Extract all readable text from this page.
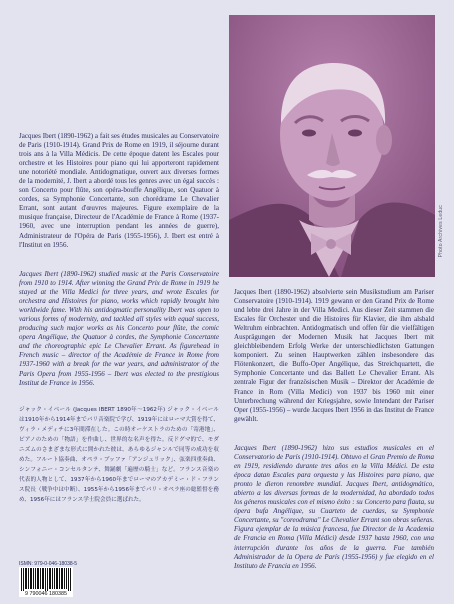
Jacques Ibert (1890-1962) a fait ses études musicales au Conservatoire de Paris (1910-1914). Grand Prix de Rome en 1919, il séjourne durant trois ans à la Villa Médicis. De cette époque datent les Escales pour orchestre et les Histoires pour piano qui lui apporteront rapidement une notoriété mondiale. Antidogmatique, ouvert aux diverses formes de la modernité, J. Ibert a abordé tous les genres avec un égal succès : son Concerto pour flûte, son opéra-bouffe Angélique, son Quatuor à cordes, sa Symphonie Concertante, son chorédrame Le Chevalier Errant, sont autant d'œuvres majeures. Figure exemplaire de la musique française, Directeur de l'Académie de France à Rome (1937-1960, avec une interruption pendant les années de guerre), Administrateur de l'Opéra de Paris (1955-1956), J. Ibert est entré à l'Institut en 1956.

Jacques Ibert (1890-1962) studied music at the Paris Conservatoire from 1910 to 1914. After winning the Grand Prix de Rome in 1919 he stayed at the Villa Medici for three years, and wrote Escales for orchestra and Histoires for piano, works which rapidly brought him worldwide fame. With his antidogmatic personality Ibert was open to various forms of modernity, and tackled all styles with equal success, producing such major works as his Concerto pour flûte, the comic opera Angélique, the Quatuor à cordes, the Symphonie Concertante and the choreographic epic Le Chevalier Errant. As figurehead in French music – director of the Académie de France in Rome from 1937-1960 with a break for the war years, and administrator of the Paris Opera from 1955-1956 – Ibert was elected to the prestigious Institut de France in 1956.

ジャック・イベール (Jacques IBERT 1890年～1962年) ジャック・イベールは1910年から1914年までパリ音楽院で学び、1919年にはローマ大賞を得て、ヴィラ・メディチに3年間滞在した。この時オーケストラのための「寄港地」、ピアノのための「物語」を作曲し、世界的な名声を得た。反ドグマ的で、モダニズムのさまざまな形式に開かれた彼は、あらゆるジャンルで同等の成功を収めた。フルート協奏曲、オペラ・ブッファ「アンジェリック」、弦楽四重奏曲、シンフォニー・コンセルタンテ、舞踊劇「遍歴の騎士」など。フランス音楽の代表的人物として、1937年から1960年までローマのアカデミー・ド・フランス院長（戦争中は中断）、1955年から1956年までパリ・オペラ座の総監督を務め、1956年にはフランス学士院会員に選ばれた。

Photo Archives Leduc

Jacques Ibert (1890-1962) absolvierte sein Musikstudium am Pariser Conservatoire (1910-1914). 1919 gewann er den Grand Prix de Rome und lebte drei Jahre in der Villa Medici. Aus dieser Zeit stammen die Escales für Orchester und die Histoires für Klavier, die ihm alsbald Weltruhm einbrachten. Antidogmatisch und offen für die vielfältigen Ausprägungen der Modernen Musik hat Jacques Ibert mit gleichbleibendem Erfolg Werke der unterschiedlichsten Gattungen komponiert. Zu seinen Hauptwerken zählen insbesondere das Flötenkonzert, die Buffo-Oper Angélique, das Streichquartett, die Symphonie Concertante und das Ballett Le Chevalier Errant. Als zentrale Figur der französischen Musik – Direktor der Académie de France in Rom (Villa Medici) von 1937 bis 1960 mit einer Unterbrechung während der Kriegsjahre, sowie Intendant der Pariser Oper (1955-1956) – wurde Jacques Ibert 1956 in das Institut de France gewählt.

Jacques Ibert (1890-1962) hizo sus estudios musicales en el Conservatorio de París (1910-1914). Obtuvo el Gran Premio de Roma en 1919, residiendo durante tres años en la Villa Médici. De esta época datan Escales para orquesta y las Histoires para piano, que pronto le dieron renombre mundial. Jacques Ibert, antidogmático, abierto a las diversas formas de la modernidad, ha abordado todos los géneros musicales con el mismo éxito : su Concerto para flauta, su ópera bufa Angélique, su Cuarteto de cuerdas, su Symphonie Concertante, su "coreodrama" Le Chevalier Errant son obras señeras. Figura ejemplar de la música francesa, fue Director de la Academia de Francia en Roma (Villa Médici) desde 1937 hasta 1960, con una interrupción durante los años de la guerra. Fue también Administrador de la Opera de París (1955-1956) y fue elegido en el Instituto de Francia en 1956.

ISMN: 979-0-046-18038-5
9 790046 180385
